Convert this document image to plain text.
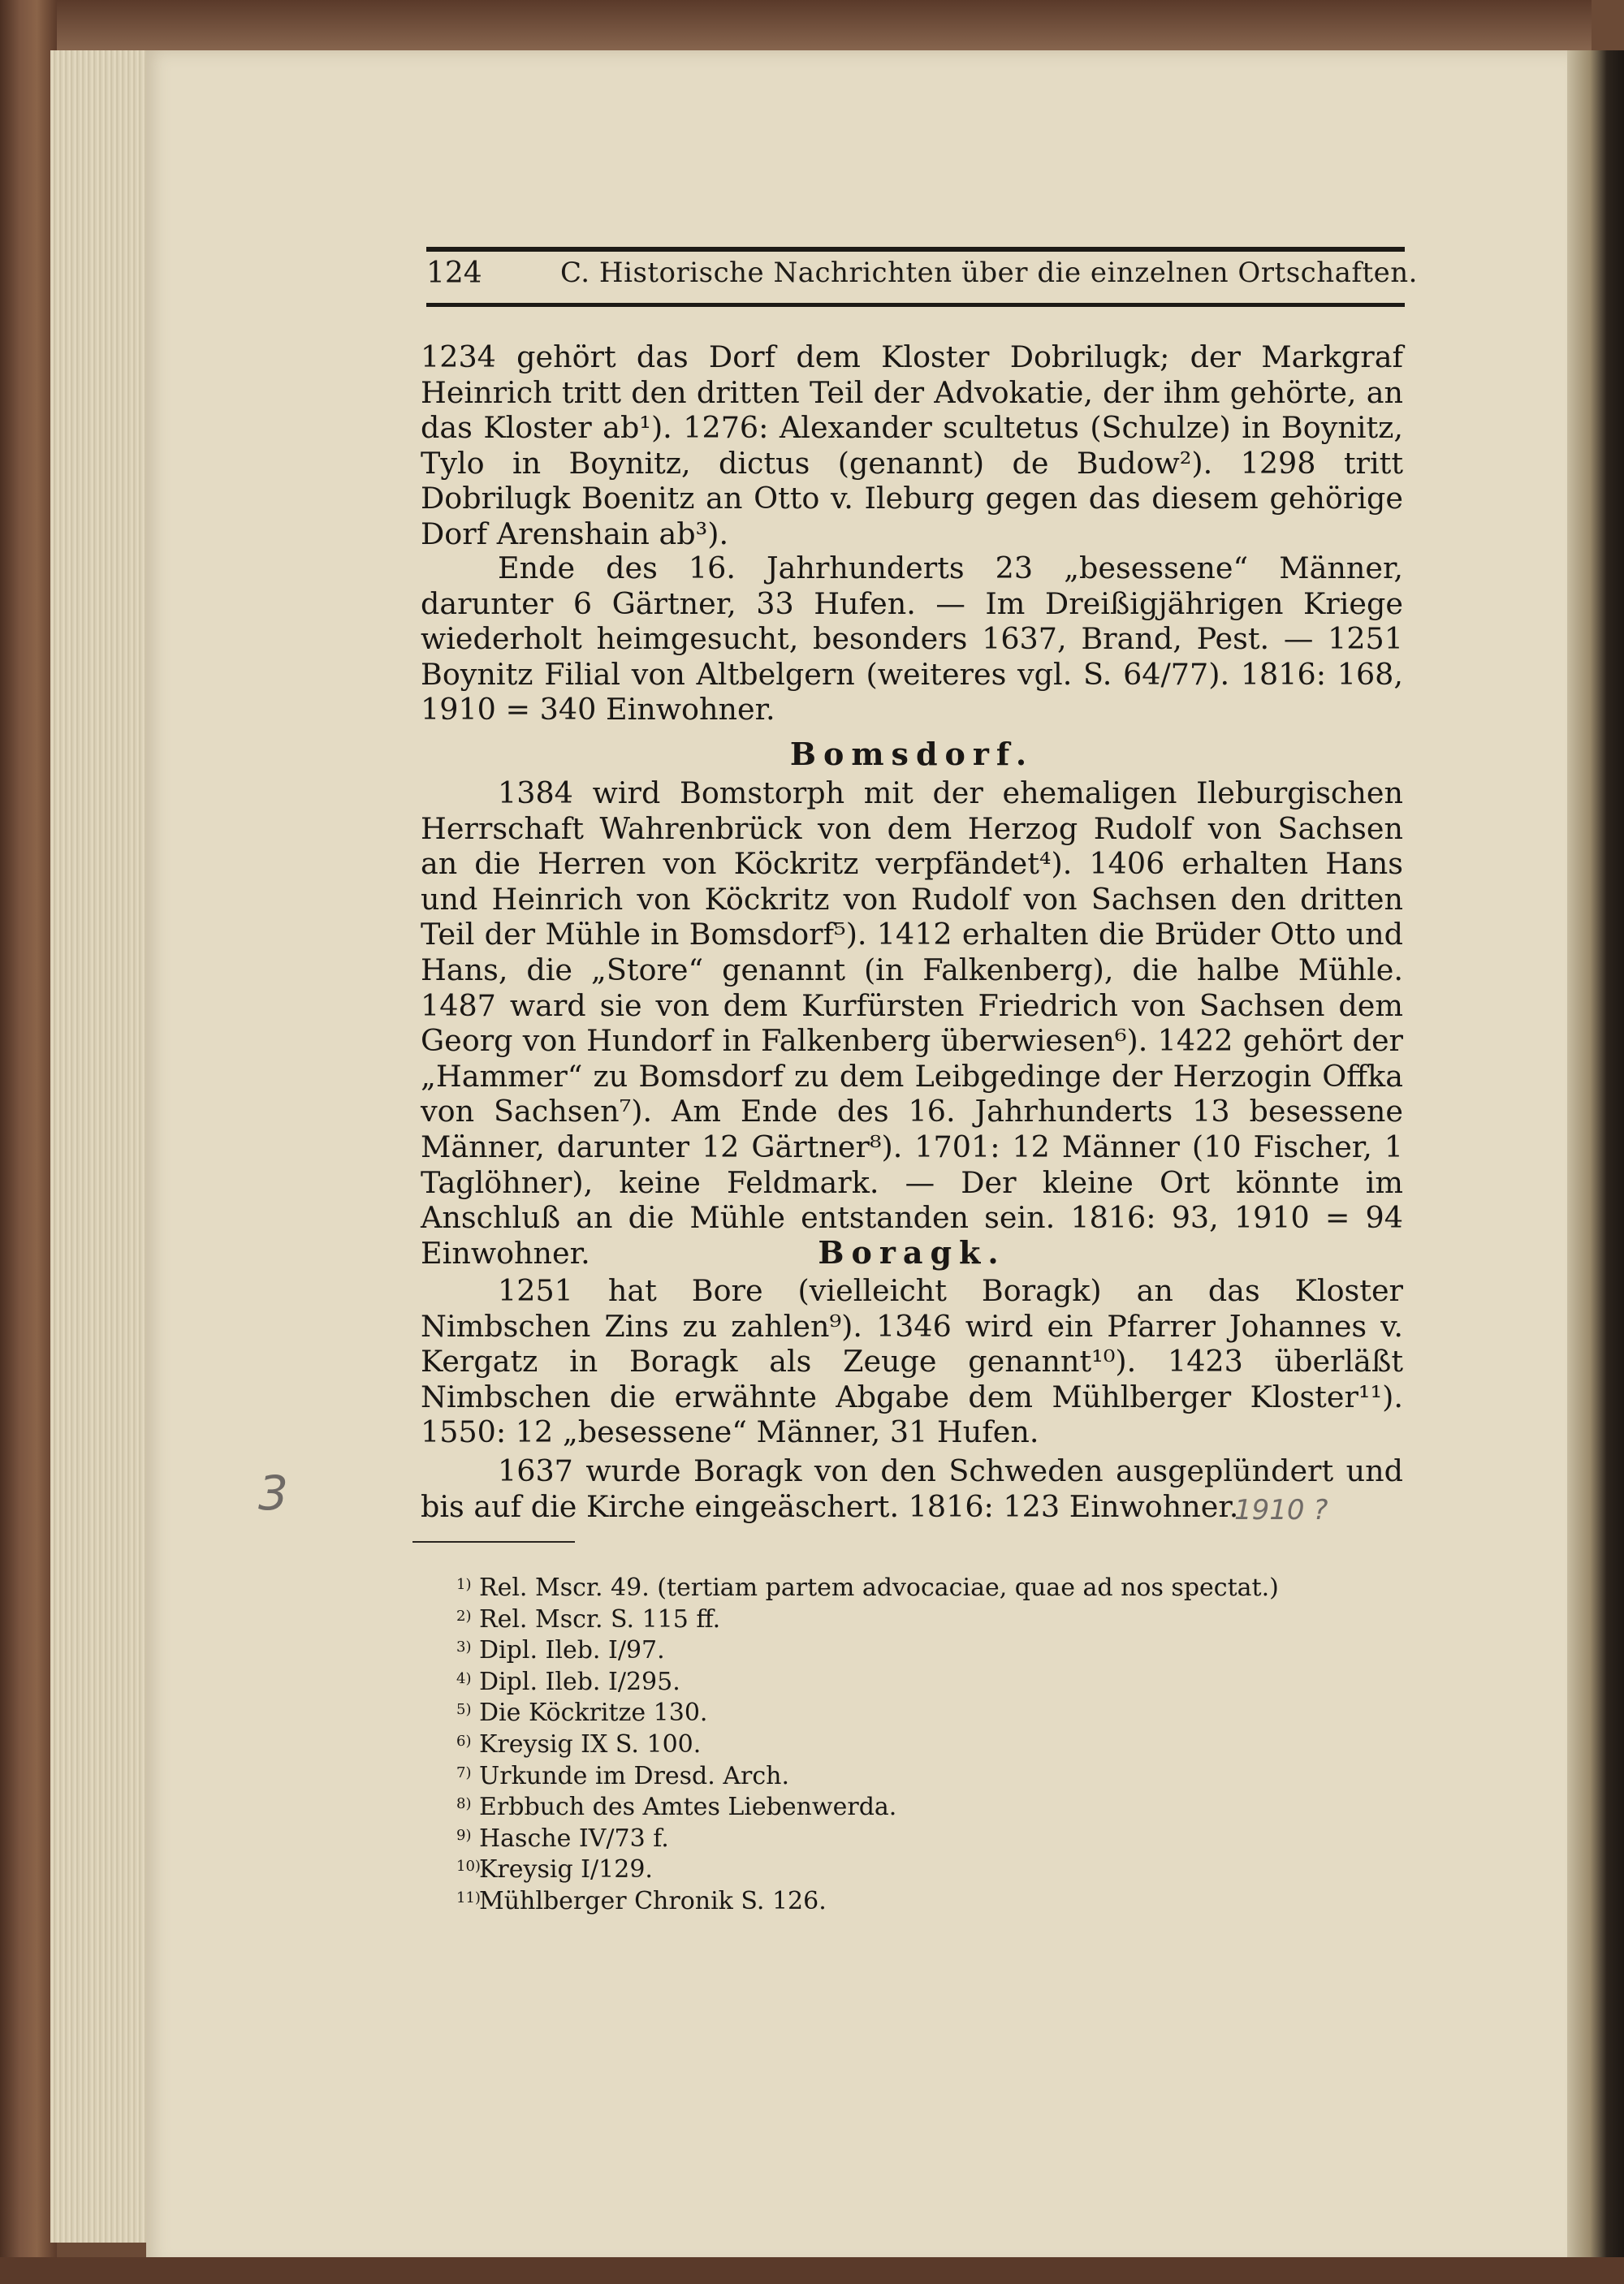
124	C. Historische Nachrichten über die einzelnen Ortschaften.

1234 gehört das Dorf dem Kloster Dobrilugk; der Markgraf Heinrich tritt den dritten Teil der Advokatie, der ihm gehörte, an das Kloster ab¹). 1276: Alexander scultetus (Schulze) in Boynitz, Tylo in Boynitz, dictus (genannt) de Budow²). 1298 tritt Dobrilugk Boenitz an Otto v. Ileburg gegen das diesem gehörige Dorf Arenshain ab³).

Ende des 16. Jahrhunderts 23 „besessene“ Männer, darunter 6 Gärtner, 33 Hufen. — Im Dreißigjährigen Kriege wiederholt heimgesucht, besonders 1637, Brand, Pest. — 1251 Boynitz Filial von Altbelgern (weiteres vgl. S. 64/77). 1816: 168, 1910 = 340 Einwohner.

Bomsdorf.

1384 wird Bomstorph mit der ehemaligen Ileburgischen Herrschaft Wahrenbrück von dem Herzog Rudolf von Sachsen an die Herren von Köckritz verpfändet⁴). 1406 erhalten Hans und Heinrich von Köckritz von Rudolf von Sachsen den dritten Teil der Mühle in Bomsdorf⁵). 1412 erhalten die Brüder Otto und Hans, die „Store“ genannt (in Falkenberg), die halbe Mühle. 1487 ward sie von dem Kurfürsten Friedrich von Sachsen dem Georg von Hundorf in Falkenberg überwiesen⁶). 1422 gehört der „Hammer“ zu Bomsdorf zu dem Leibgedinge der Herzogin Offka von Sachsen⁷). Am Ende des 16. Jahrhunderts 13 besessene Männer, darunter 12 Gärtner⁸). 1701: 12 Männer (10 Fischer, 1 Taglöhner), keine Feldmark. — Der kleine Ort könnte im Anschluß an die Mühle entstanden sein. 1816: 93, 1910 = 94 Einwohner.	Boragk.

1251 hat Bore (vielleicht Boragk) an das Kloster Nimbschen Zins zu zahlen⁹). 1346 wird ein Pfarrer Johannes v. Kergatz in Boragk als Zeuge genannt¹⁰). 1423 überläßt Nimbschen die erwähnte Abgabe dem Mühlberger Kloster¹¹). 1550: 12 „besessene“ Männer, 31 Hufen.

1637 wurde Boragk von den Schweden ausgeplündert und bis auf die Kirche eingeäschert. 1816: 123 Einwohner.

3	1910 ?
$^{1)}$ Rel. Mscr. 49. (tertiam partem advocaciae, quae ad nos spectat.)
$^{2)}$ Rel. Mscr. S. 115 ff.
$^{3)}$ Dipl. Ileb. I/97.
$^{4)}$ Dipl. Ileb. I/295.
$^{5)}$ Die Köckritze 130.
$^{6)}$ Kreysig IX S. 100.
$^{7)}$ Urkunde im Dresd. Arch.
$^{8)}$ Erbbuch des Amtes Liebenwerda.
$^{9)}$ Hasche IV/73 f.
$^{10)}$Kreysig I/129.
$^{11)}$Mühlberger Chronik S. 126.
